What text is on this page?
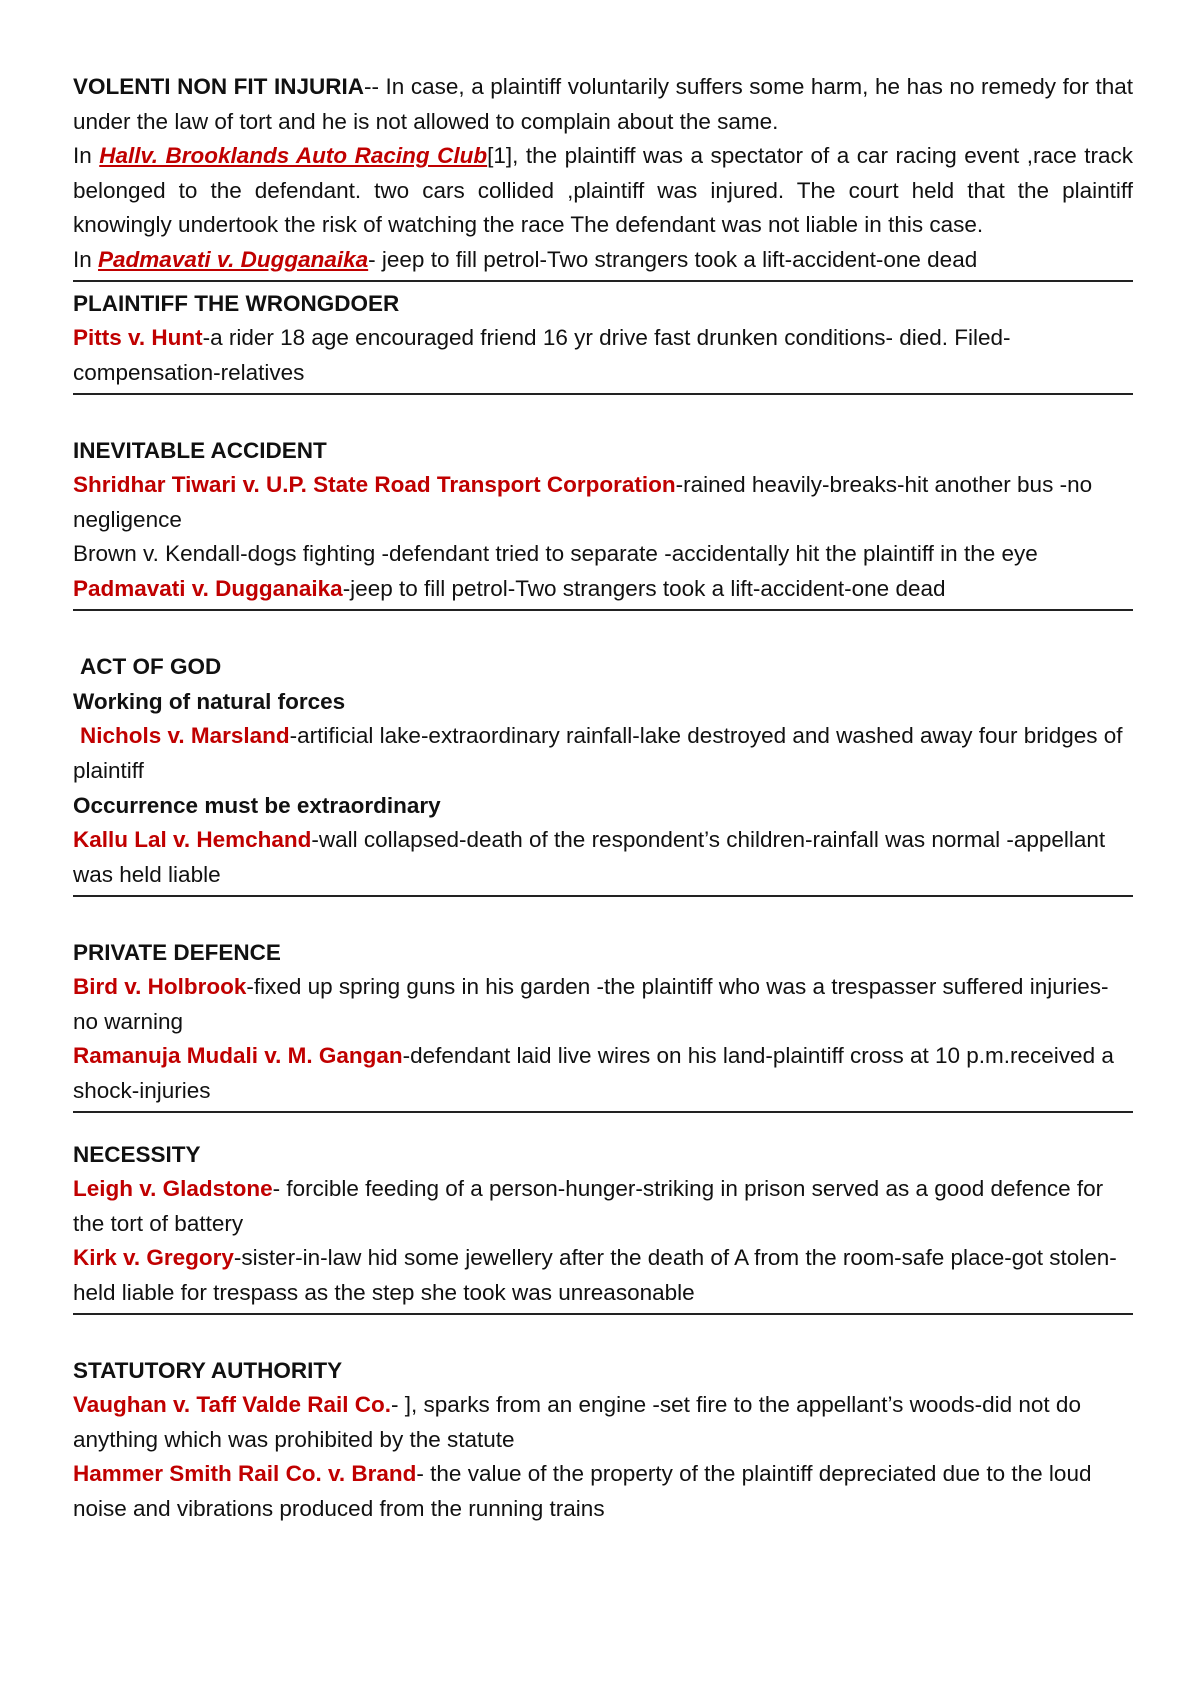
VOLENTI NON FIT INJURIA-- In case, a plaintiff voluntarily suffers some harm, he has no remedy for that under the law of tort and he is not allowed to complain about the same.

In Hallv. Brooklands Auto Racing Club[1], the plaintiff was a spectator of a car racing event ,race track belonged to the defendant. two cars collided ,plaintiff was injured. The court held that the plaintiff knowingly undertook the risk of watching the race The defendant was not liable in this case.

In Padmavati v. Dugganaika- jeep to fill petrol-Two strangers took a lift-accident-one dead

PLAINTIFF THE WRONGDOER

Pitts v. Hunt-a rider 18 age encouraged friend 16 yr drive fast drunken conditions- died. Filed-compensation-relatives

INEVITABLE ACCIDENT

Shridhar Tiwari v. U.P. State Road Transport Corporation-rained heavily-breaks-hit another bus -no negligence

Brown v. Kendall-dogs fighting -defendant tried to separate -accidentally hit the plaintiff in the eye

Padmavati v. Dugganaika-jeep to fill petrol-Two strangers took a lift-accident-one dead

ACT OF GOD

Working of natural forces

Nichols v. Marsland-artificial lake-extraordinary rainfall-lake destroyed and washed away four bridges of plaintiff

Occurrence must be extraordinary

Kallu Lal v. Hemchand-wall collapsed-death of the respondent’s children-rainfall was normal -appellant was held liable

PRIVATE DEFENCE

Bird v. Holbrook-fixed up spring guns in his garden -the plaintiff who was a trespasser suffered injuries-no warning

Ramanuja Mudali v. M. Gangan-defendant laid live wires on his land-plaintiff cross at 10 p.m.received a shock-injuries

NECESSITY

Leigh v. Gladstone- forcible feeding of a person-hunger-striking in prison served as a good defence for the tort of battery

Kirk v. Gregory-sister-in-law hid some jewellery after the death of A from the room-safe place-got stolen-held liable for trespass as the step she took was unreasonable

STATUTORY AUTHORITY

Vaughan v. Taff Valde Rail Co.- ], sparks from an engine -set fire to the appellant’s woods-did not do anything which was prohibited by the statute

Hammer Smith Rail Co. v. Brand- the value of the property of the plaintiff depreciated due to the loud noise and vibrations produced from the running trains
